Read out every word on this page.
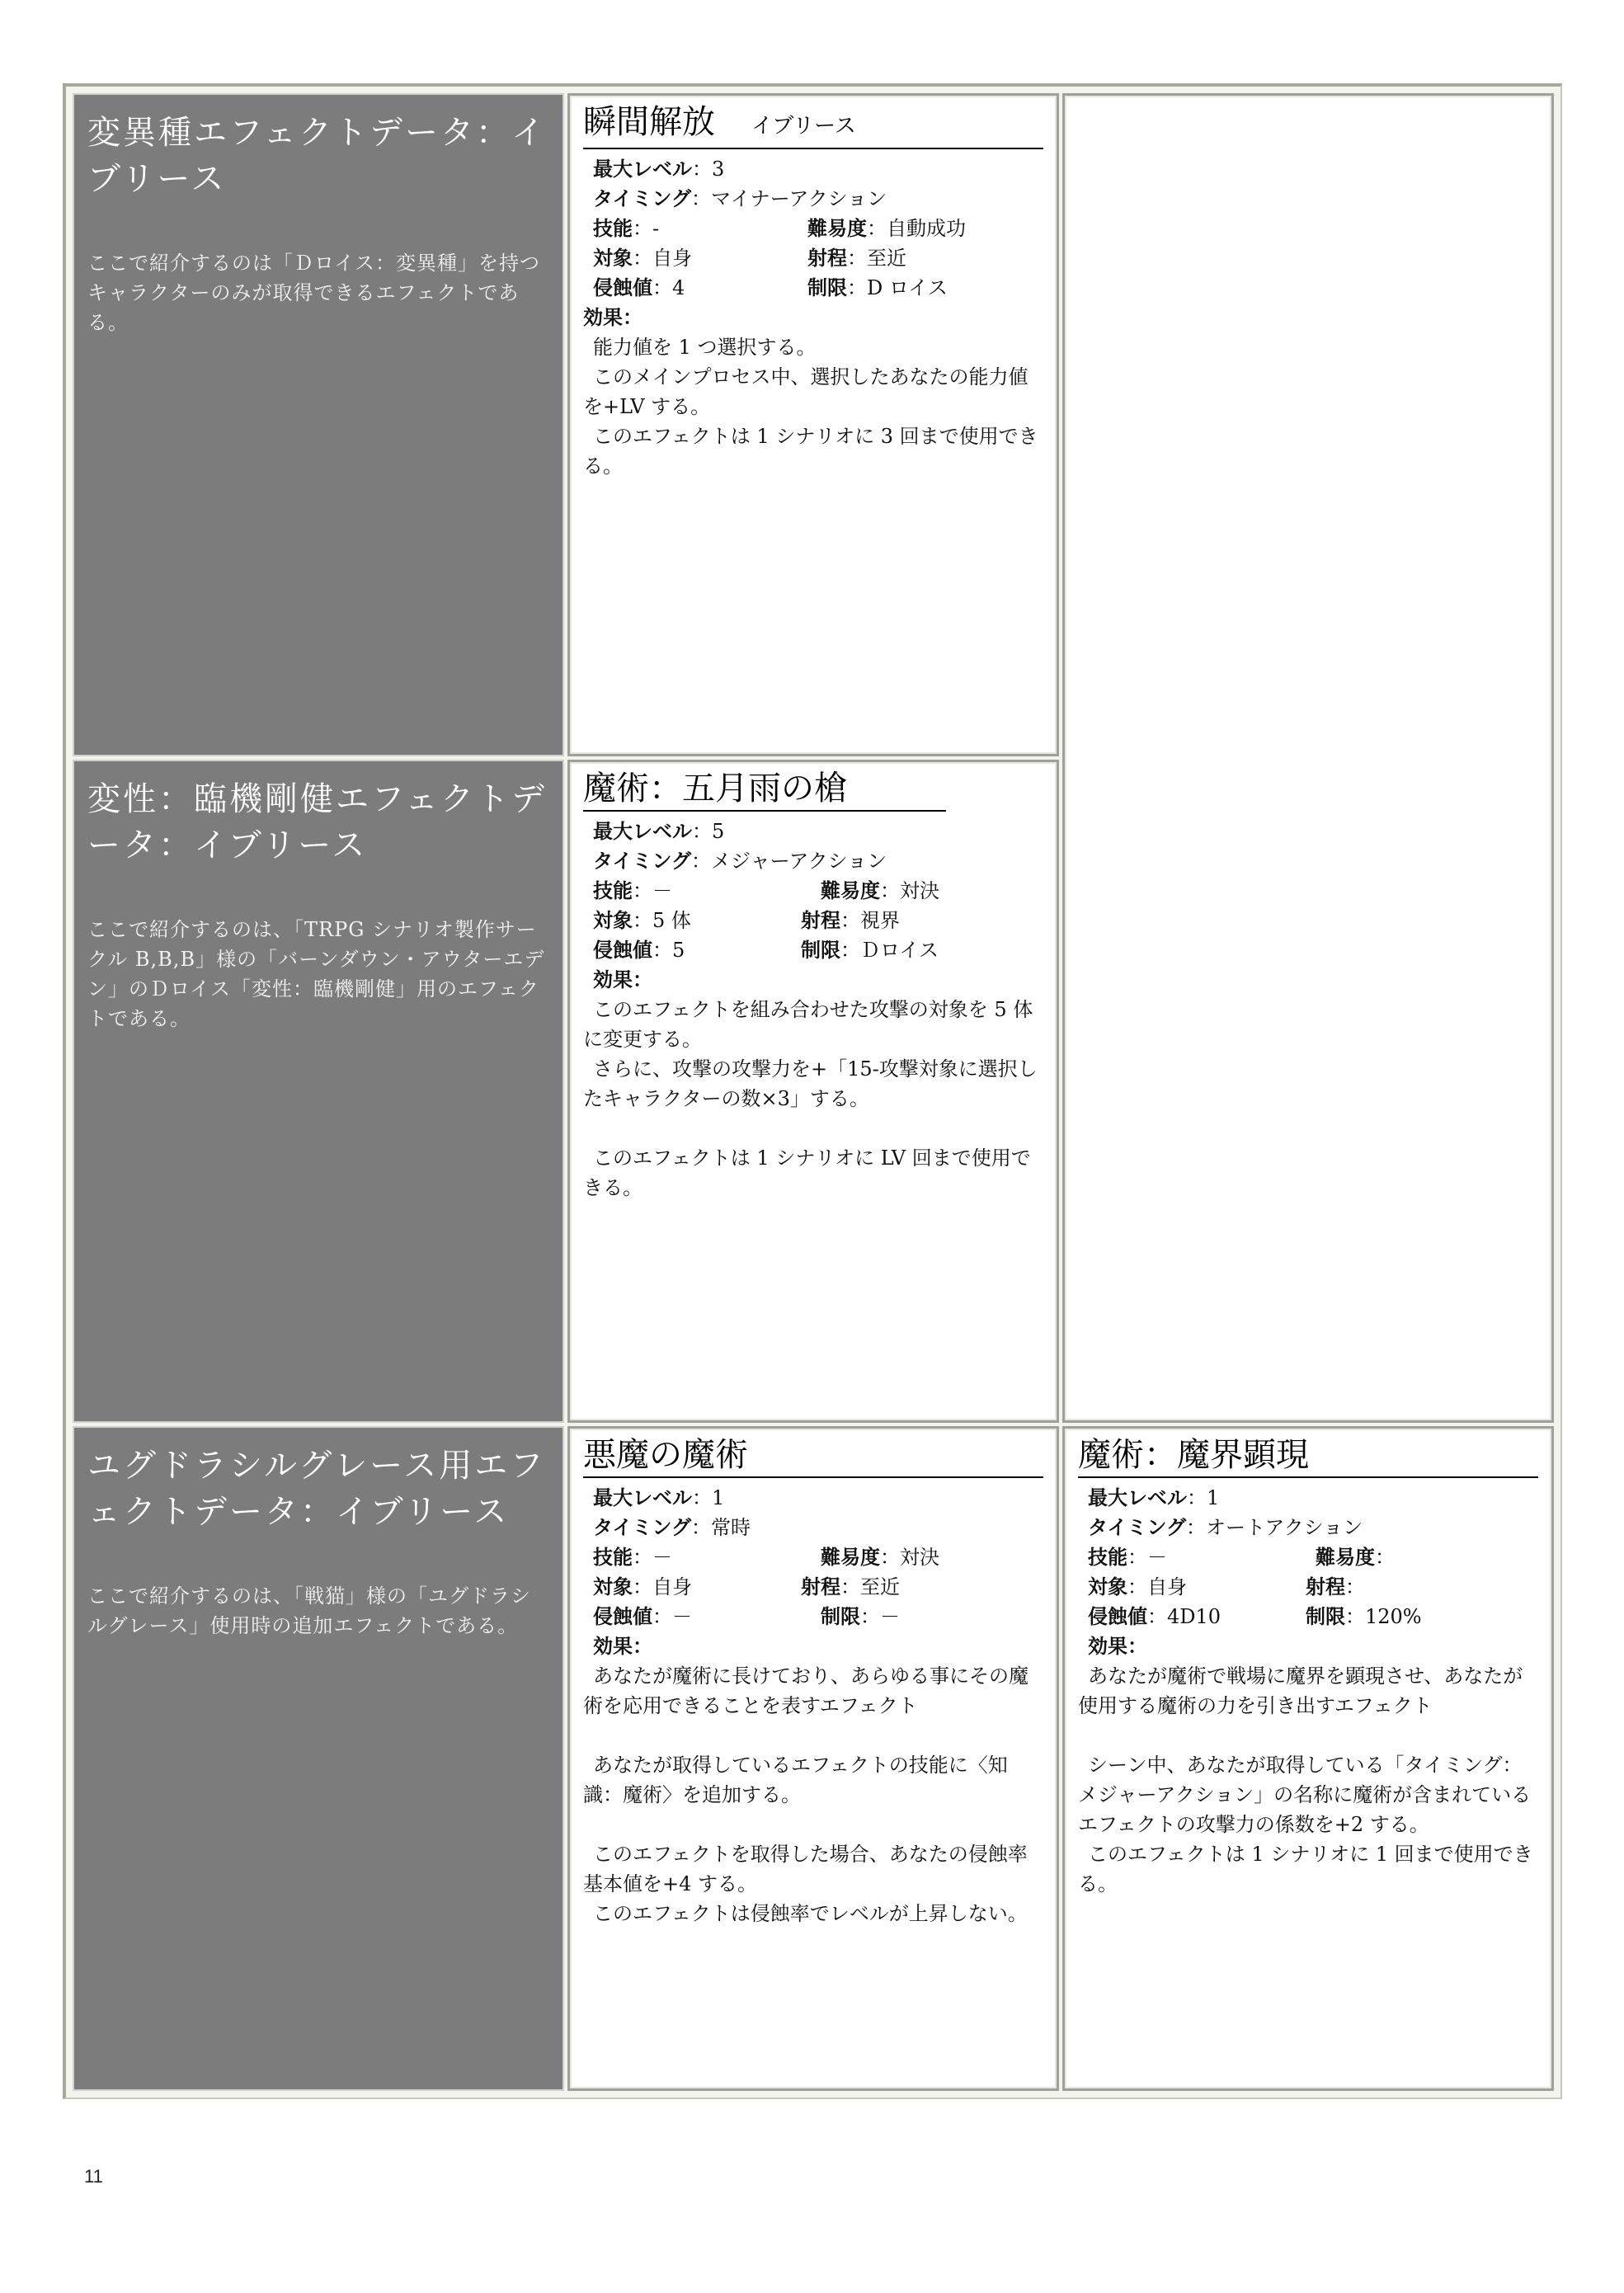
変異種エフェクトデータ：イブリース

ここで紹介するのは「Ｄロイス：変異種」を持つキャラクターのみが取得できるエフェクトである。

瞬間解放 イブリース
最大レベル：3
タイミング：マイナーアクション
技能：-	難易度：自動成功
対象：自身	射程：至近
侵蝕値：4	制限：D ロイス
効果：

能力値を 1 つ選択する。

このメインプロセス中、選択したあなたの能力値を+LV する。

このエフェクトは 1 シナリオに 3 回まで使用できる。

変性：臨機剛健エフェクトデータ：イブリース

ここで紹介するのは、「TRPG シナリオ製作サークル B,B,B」様の「バーンダウン・アウターエデン」のＤロイス「変性：臨機剛健」用のエフェクトである。

魔術：五月雨の槍
最大レベル：5
タイミング：メジャーアクション
技能：－	難易度：対決
対象：5 体	射程：視界
侵蝕値：5	制限：Ｄロイス
効果：

このエフェクトを組み合わせた攻撃の対象を 5 体に変更する。

さらに、攻撃の攻撃力を+「15-攻撃対象に選択したキャラクターの数×3」する。

このエフェクトは 1 シナリオに LV 回まで使用できる。

ユグドラシルグレース用エフェクトデータ：イブリース

ここで紹介するのは、「戦猫」様の「ユグドラシルグレース」使用時の追加エフェクトである。

悪魔の魔術
最大レベル：1
タイミング：常時
技能：－	難易度：対決
対象：自身	射程：至近
侵蝕値：－	制限：－
効果：

あなたが魔術に長けており、あらゆる事にその魔術を応用できることを表すエフェクト

あなたが取得しているエフェクトの技能に〈知識：魔術〉を追加する。

このエフェクトを取得した場合、あなたの侵蝕率基本値を+4 する。

このエフェクトは侵蝕率でレベルが上昇しない。

魔術：魔界顕現
最大レベル：1
タイミング：オートアクション
技能：－	難易度：
対象：自身	射程：
侵蝕値：4D10	制限：120%
効果：

あなたが魔術で戦場に魔界を顕現させ、あなたが使用する魔術の力を引き出すエフェクト

シーン中、あなたが取得している「タイミング：メジャーアクション」の名称に魔術が含まれているエフェクトの攻撃力の係数を+2 する。

このエフェクトは 1 シナリオに 1 回まで使用できる。

11
